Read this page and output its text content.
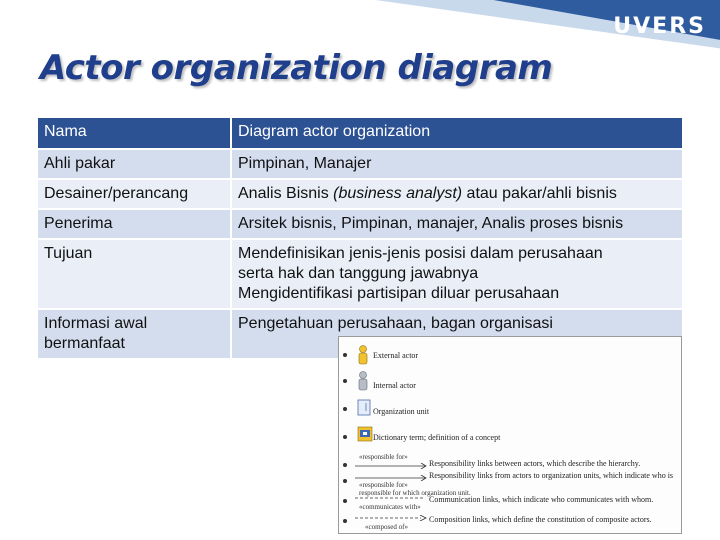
UVERS
Actor organization diagram
Nama	Diagram actor organization
Ahli pakar	Pimpinan, Manajer
Desainer/perancang	Analis Bisnis (business analyst) atau pakar/ahli bisnis
Penerima	Arsitek bisnis, Pimpinan, manajer, Analis proses bisnis
Tujuan	Mendefinisikan jenis-jenis posisi dalam perusahaan
serta hak dan tanggung jawabnya
Mengidentifikasi partisipan diluar perusahaan

Informasi awal
bermanfaat	Pengetahuan perusahaan, bagan organisasi
External actor
Internal actor
Organization unit
Dictionary term; definition of a concept
«responsible for»
Responsibility links between actors, which describe the hierarchy.
Responsibility links from actors to organization units, which indicate who is
«responsible for»
responsible for which organization unit.
Communication links, which indicate who communicates with whom.
«communicates with»
Composition links, which define the constitution of composite actors.
«composed of»
